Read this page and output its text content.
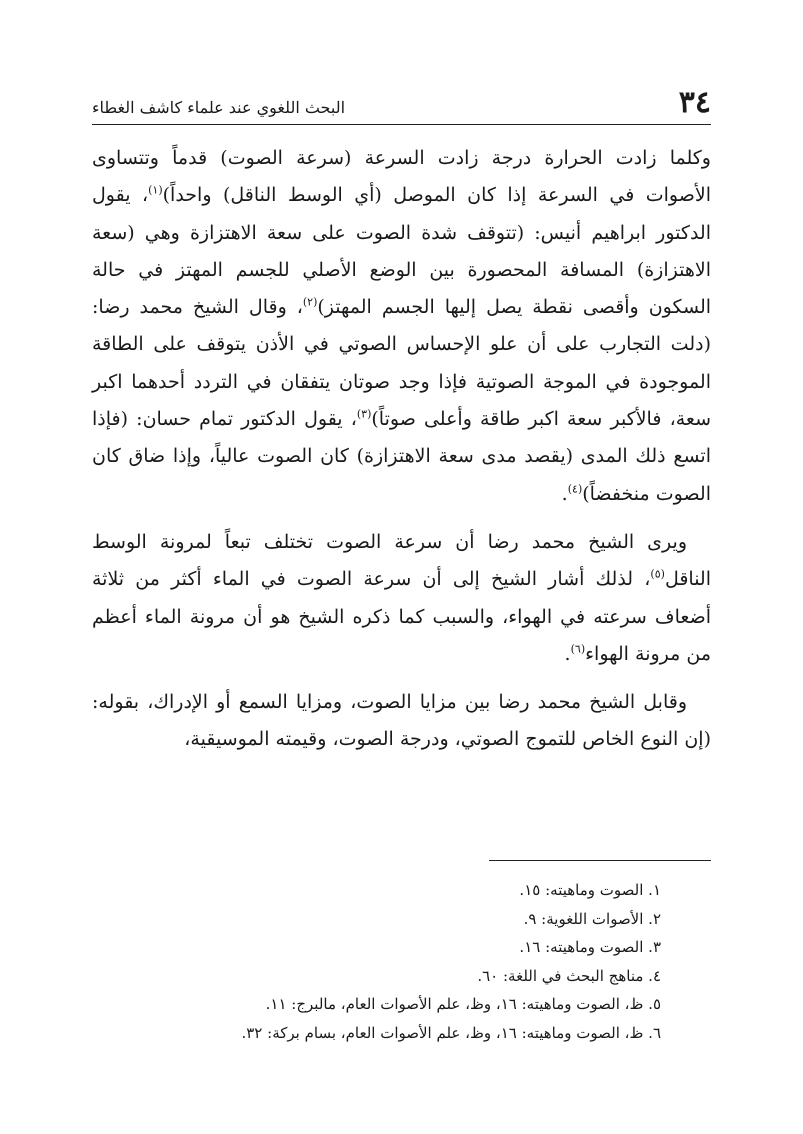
٣٤
البحث اللغوي عند علماء كاشف الغطاء

وكلما زادت الحرارة درجة زادت السرعة (سرعة الصوت) قدماً وتتساوى الأصوات في السرعة إذا كان الموصل (أي الوسط الناقل) واحداً)$^{(١)}$، يقول الدكتور ابراهيم أنيس: (تتوقف شدة الصوت على سعة الاهتزازة وهي (سعة الاهتزازة) المسافة المحصورة بين الوضع الأصلي للجسم المهتز في حالة السكون وأقصى نقطة يصل إليها الجسم المهتز)$^{(٢)}$، وقال الشيخ محمد رضا: (دلت التجارب على أن علو الإحساس الصوتي في الأذن يتوقف على الطاقة الموجودة في الموجة الصوتية فإذا وجد صوتان يتفقان في التردد أحدهما اكبر سعة، فالأكبر سعة اكبر طاقة وأعلى صوتاً)$^{(٣)}$، يقول الدكتور تمام حسان: (فإذا اتسع ذلك المدى (يقصد مدى سعة الاهتزازة) كان الصوت عالياً، وإذا ضاق كان الصوت منخفضاً)$^{(٤)}$.

ويرى الشيخ محمد رضا أن سرعة الصوت تختلف تبعاً لمرونة الوسط الناقل$^{(٥)}$، لذلك أشار الشيخ إلى أن سرعة الصوت في الماء أكثر من ثلاثة أضعاف سرعته في الهواء، والسبب كما ذكره الشيخ هو أن مرونة الماء أعظم من مرونة الهواء$^{(٦)}$.

وقابل الشيخ محمد رضا بين مزايا الصوت، ومزايا السمع أو الإدراك، بقوله: (إن النوع الخاص للتموج الصوتي، ودرجة الصوت، وقيمته الموسيقية،

١. الصوت وماهيته: ١٥.

٢. الأصوات اللغوية: ٩.

٣. الصوت وماهيته: ١٦.

٤. مناهج البحث في اللغة: ٦٠.

٥. ظ، الصوت وماهيته: ١٦، وظ، علم الأصوات العام، مالبرج: ١١.

٦. ظ، الصوت وماهيته: ١٦، وظ، علم الأصوات العام، بسام بركة: ٣٢.
